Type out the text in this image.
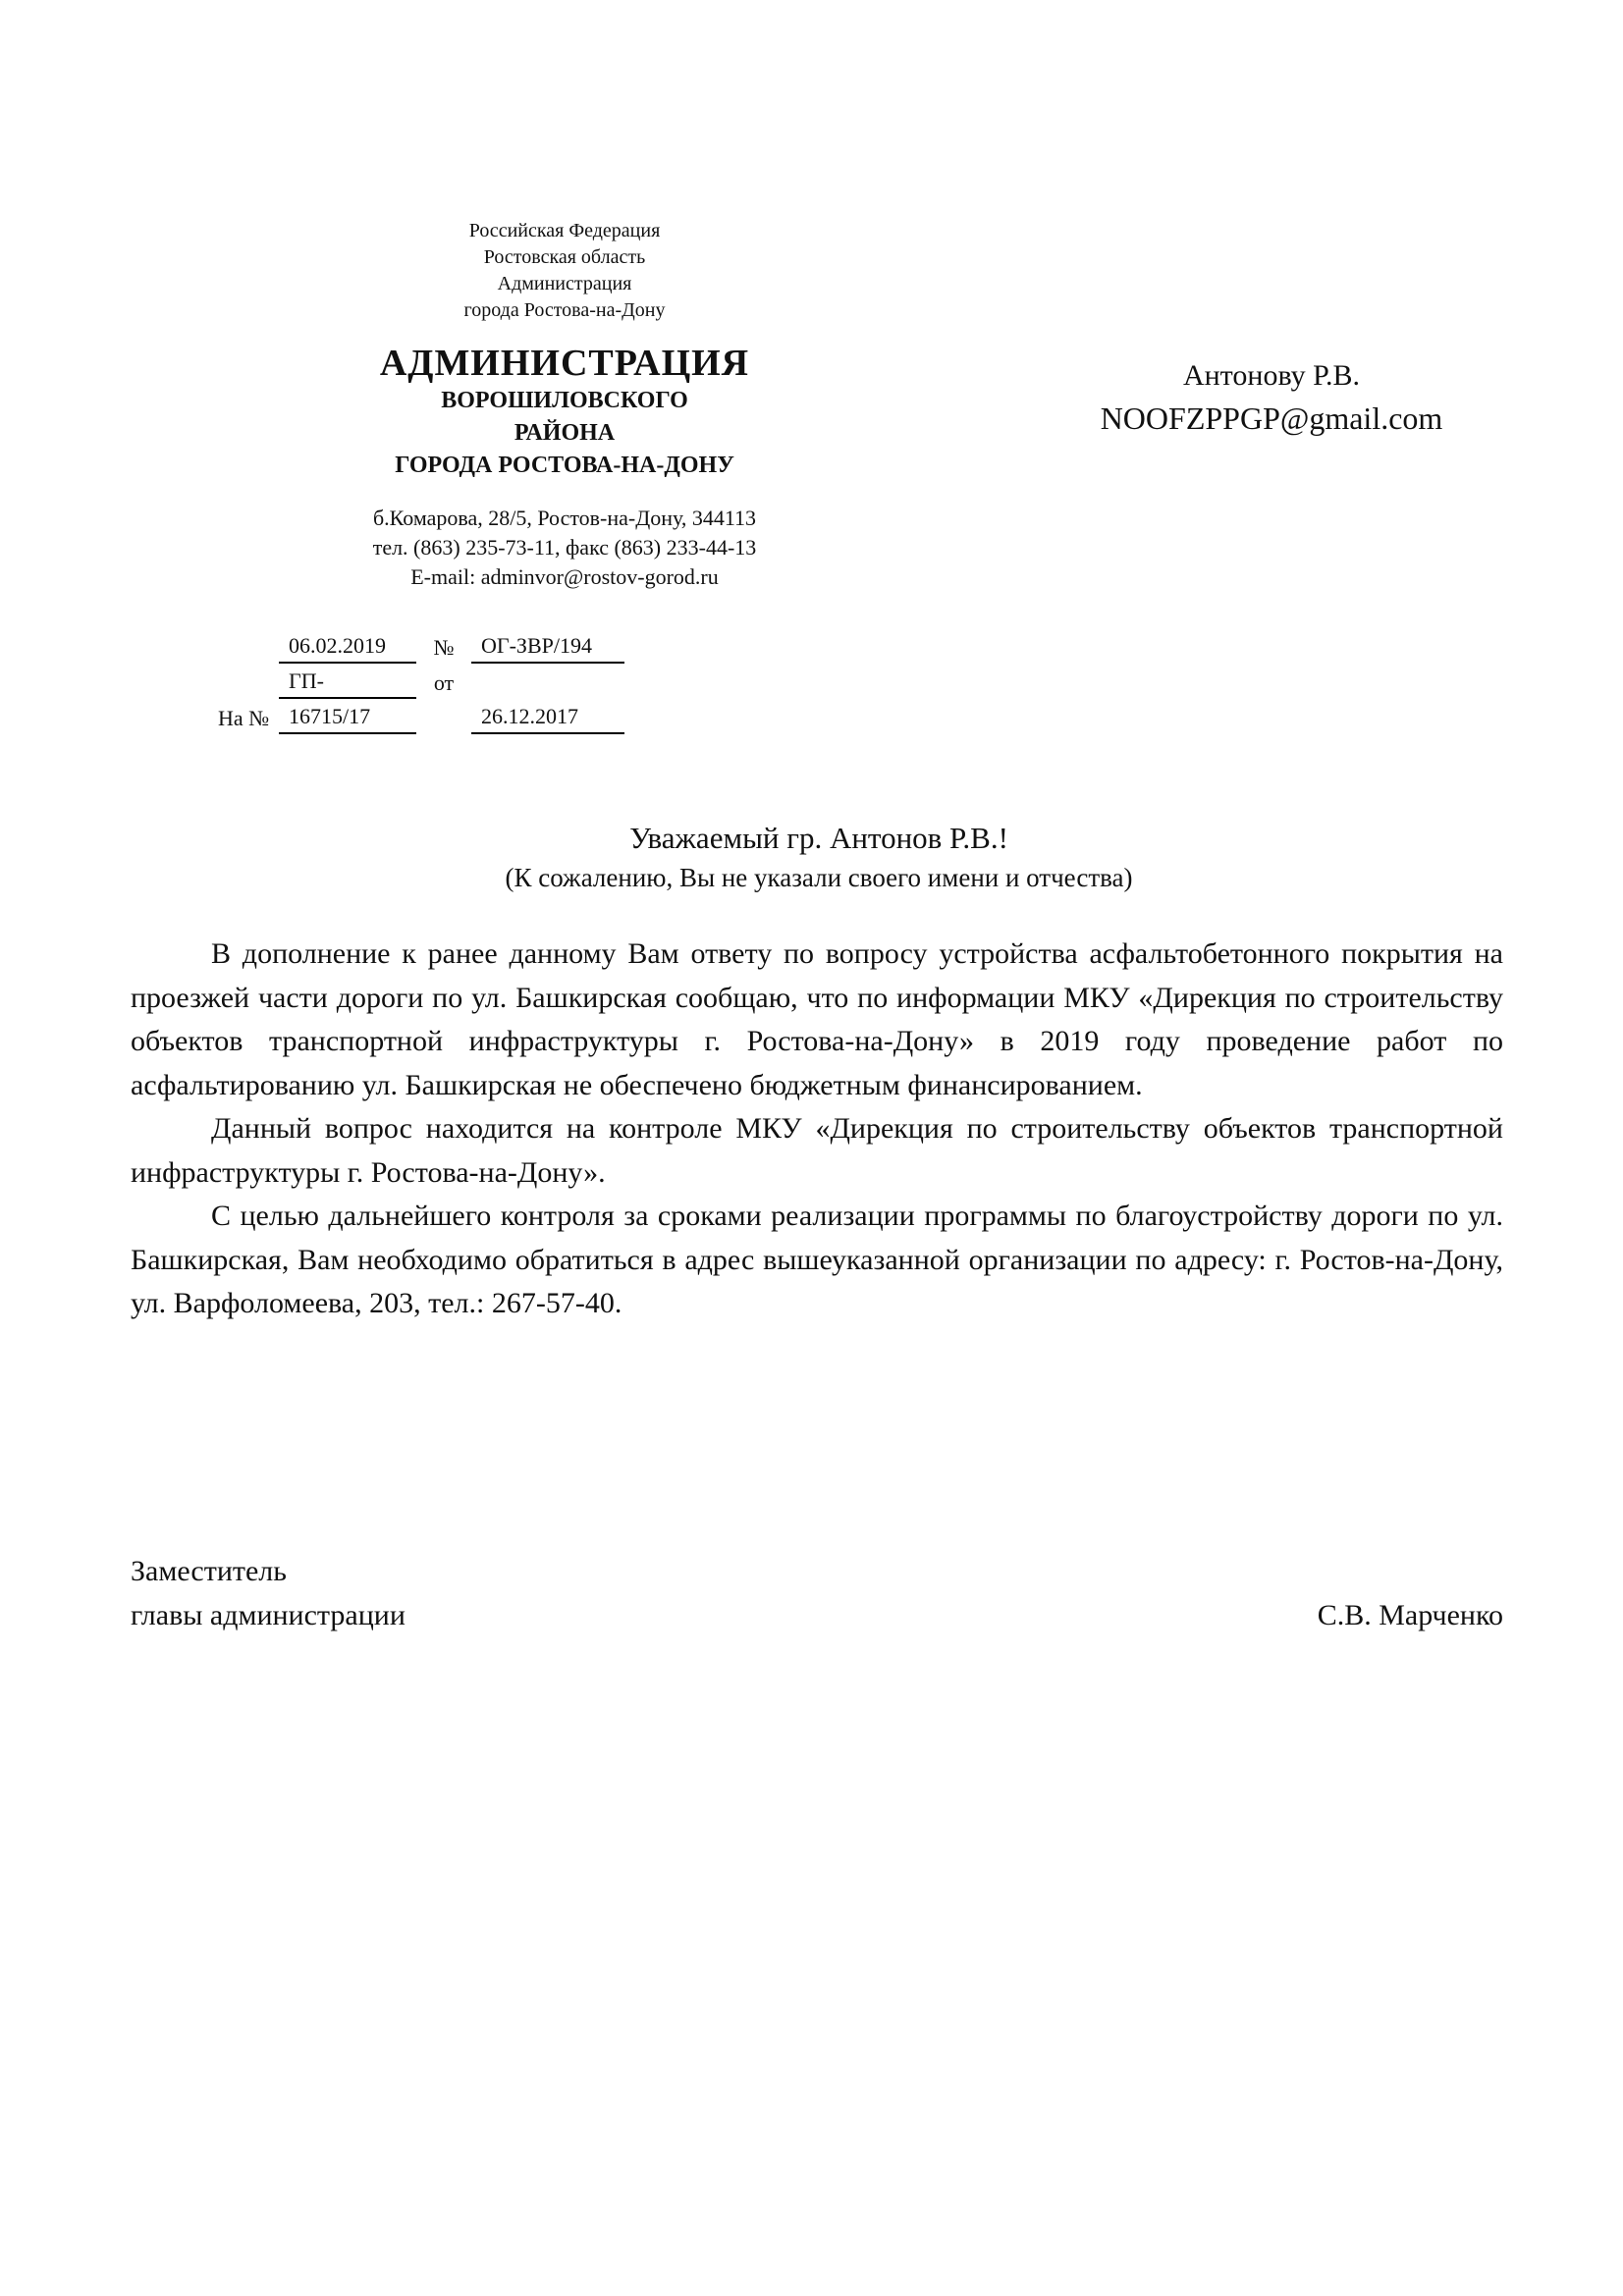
Российская Федерация
Ростовская область
Администрация
города Ростова-на-Дону
АДМИНИСТРАЦИЯ
ВОРОШИЛОВСКОГО
РАЙОНА
ГОРОДА РОСТОВА-НА-ДОНУ
б.Комарова, 28/5, Ростов-на-Дону, 344113
тел. (863) 235-73-11, факс (863) 233-44-13
E-mail: adminvor@rostov-gorod.ru
06.02.2019	№	ОГ-ЗВР/194
ГП-	от
На № 16715/17	26.12.2017
Антонову Р.В.
NOOFZPPGP@gmail.com
Уважаемый гр. Антонов Р.В.!
(К сожалению, Вы не указали своего имени и отчества)

В дополнение к ранее данному Вам ответу по вопросу устройства асфальтобетонного покрытия на проезжей части дороги по ул. Башкирская сообщаю, что по информации МКУ «Дирекция по строительству объектов транспортной инфраструктуры г. Ростова-на-Дону» в 2019 году проведение работ по асфальтированию ул. Башкирская не обеспечено бюджетным финансированием.

Данный вопрос находится на контроле МКУ «Дирекция по строительству объектов транспортной инфраструктуры г. Ростова-на-Дону».

С целью дальнейшего контроля за сроками реализации программы по благоустройству дороги по ул. Башкирская, Вам необходимо обратиться в адрес вышеуказанной организации по адресу: г. Ростов-на-Дону, ул. Варфоломеева, 203, тел.: 267-57-40.

Заместитель
главы администрации	С.В. Марченко
